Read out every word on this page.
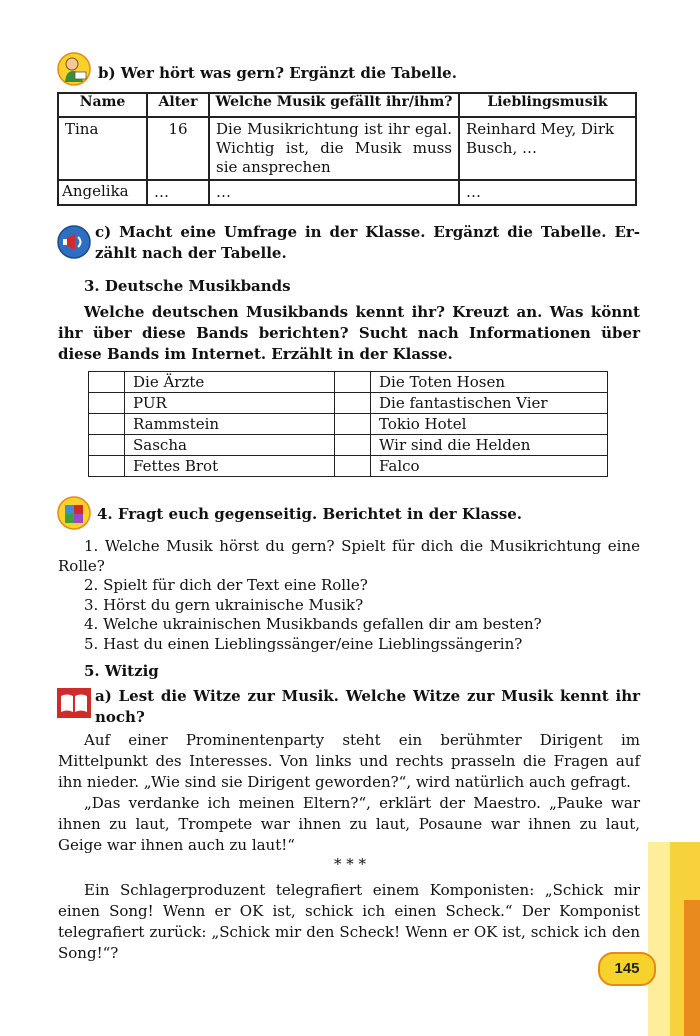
b) Wer hört was gern? Ergänzt die Tabelle.
Name	Alter	Welche Musik gefällt ihr/ihm?	Lieblingsmusik
Tina	16	Die Musikrichtung ist ihr egal. Wichtig ist, die Musik muss sie ansprechen	Reinhard Mey, Dirk Busch, …
Angelika	…	…	…
c) Macht eine Umfrage in der Klasse. Ergänzt die Tabelle. Er-
zählt nach der Tabelle.
3. Deutsche Musikbands
Welche deutschen Musikbands kennt ihr? Kreuzt an. Was könnt
ihr über diese Bands berichten? Sucht nach Informationen über
diese Bands im Internet. Erzählt in der Klasse.
	Die Ärzte		Die Toten Hosen
	PUR		Die fantastischen Vier
	Rammstein		Tokio Hotel
	Sascha		Wir sind die Helden
	Fettes Brot		Falco
4. Fragt euch gegenseitig. Berichtet in der Klasse.
1. Welche Musik hörst du gern? Spielt für dich die Musikrichtung eine
Rolle?
2. Spielt für dich der Text eine Rolle?
3. Hörst du gern ukrainische Musik?
4. Welche ukrainischen Musikbands gefallen dir am besten?
5. Hast du einen Lieblingssänger/eine Lieblingssängerin?
5. Witzig
a) Lest die Witze zur Musik. Welche Witze zur Musik kennt ihr
noch?
Auf einer Prominentenparty steht ein berühmter Dirigent im Mittelpunkt des Interesses. Von links und rechts prasseln die Fragen auf ihn nieder. „Wie sind sie Dirigent geworden?“, wird natürlich auch gefragt.
„Das verdanke ich meinen Eltern?“, erklärt der Maestro. „Pauke war ihnen zu laut, Trompete war ihnen zu laut, Posaune war ihnen zu laut, Geige war ihnen auch zu laut!“
* * *
Ein Schlagerproduzent telegrafiert einem Komponisten: „Schick mir einen Song! Wenn er OK ist, schick ich einen Scheck.“ Der Komponist telegrafiert zurück: „Schick mir den Scheck! Wenn er OK ist, schick ich den Song!“?
145
